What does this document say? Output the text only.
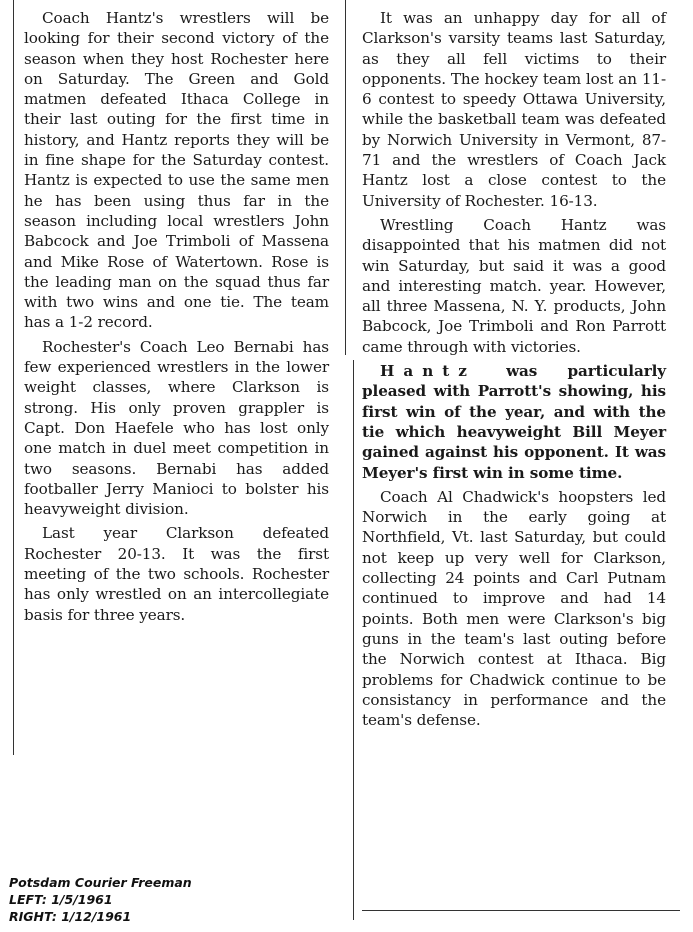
Coach Hantz's wrestlers will be looking for their second victory of the season when they host Rochester here on Saturday. The Green and Gold matmen defeated Ithaca College in their last outing for the first time in history, and Hantz reports they will be in fine shape for the Saturday contest. Hantz is expected to use the same men he has been using thus far in the season including local wrestlers John Babcock and Joe Trimboli of Massena and Mike Rose of Watertown. Rose is the leading man on the squad thus far with two wins and one tie. The team has a 1-2 record.

Rochester's Coach Leo Bernabi has few experienced wrestlers in the lower weight classes, where Clarkson is strong. His only proven grappler is Capt. Don Haefele who has lost only one match in duel meet competition in two seasons. Bernabi has added footballer Jerry Manioci to bolster his heavyweight division.

Last year Clarkson defeated Rochester 20-13. It was the first meeting of the two schools. Rochester has only wrestled on an intercollegiate basis for three years.

It was an unhappy day for all of Clarkson's varsity teams last Saturday, as they all fell victims to their opponents. The hockey team lost an 11-6 contest to speedy Ottawa University, while the basketball team was defeated by Norwich University in Vermont, 87-71 and the wrestlers of Coach Jack Hantz lost a close contest to the University of Rochester. 16-13.

Wrestling Coach Hantz was disappointed that his matmen did not win Saturday, but said it was a good and interesting match. year. However, all three Massena, N. Y. products, John Babcock, Joe Trimboli and Ron Parrott came through with victories.

Hantz was particularly pleased with Parrott's showing, his first win of the year, and with the tie which heavyweight Bill Meyer gained against his opponent. It was Meyer's first win in some time.

Coach Al Chadwick's hoopsters led Norwich in the early going at Northfield, Vt. last Saturday, but could not keep up very well for Clarkson, collecting 24 points and Carl Putnam continued to improve and had 14 points. Both men were Clarkson's big guns in the team's last outing before the Norwich contest at Ithaca. Big problems for Chadwick continue to be consistancy in performance and the team's defense.

Potsdam Courier Freeman
LEFT: 1/5/1961
RIGHT: 1/12/1961
